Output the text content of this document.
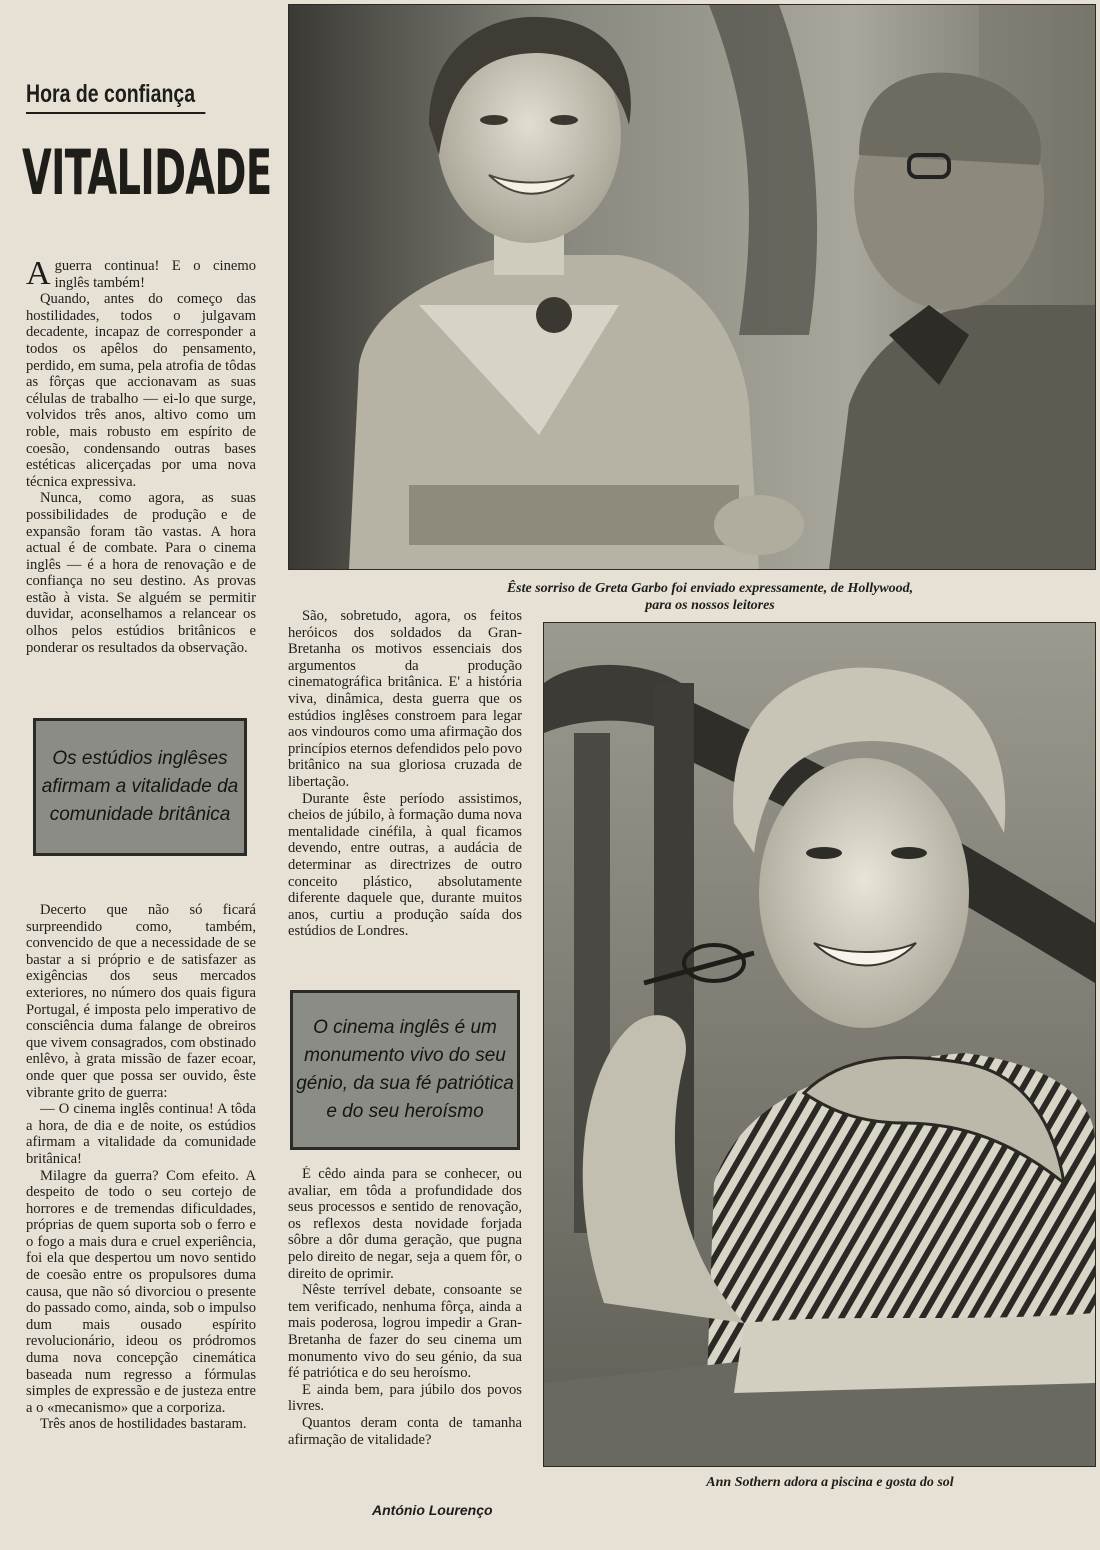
Hora de confiança
VITALIDADE

Aguerra continua! E o cinemo inglês também!

Quando, antes do começo das hostilidades, todos o julgavam decadente, incapaz de corresponder a todos os apêlos do pensamento, perdido, em suma, pela atrofia de tôdas as fôrças que accionavam as suas células de trabalho — ei-lo que surge, volvidos três anos, altivo como um roble, mais robusto em espírito de coesão, condensando outras bases estéticas alicerçadas por uma nova técnica expressiva.

Nunca, como agora, as suas possibilidades de produção e de expansão foram tão vastas. A hora actual é de combate. Para o cinema inglês — é a hora de renovação e de confiança no seu destino. As provas estão à vista. Se alguém se permitir duvidar, aconselhamos a relancear os olhos pelos estúdios britânicos e ponderar os resultados da observação.

Os estúdios inglêses afirmam a vitalidade da comunidade britânica

Decerto que não só ficará surpreendido como, também, convencido de que a necessidade de se bastar a si próprio e de satisfazer as exigências dos seus mercados exteriores, no número dos quais figura Portugal, é imposta pelo imperativo de consciência duma falange de obreiros que vivem consagrados, com obstinado enlêvo, à grata missão de fazer ecoar, onde quer que possa ser ouvido, êste vibrante grito de guerra:

— O cinema inglês continua! A tôda a hora, de dia e de noite, os estúdios afirmam a vitalidade da comunidade britânica!

Milagre da guerra? Com efeito. A despeito de todo o seu cortejo de horrores e de tremendas dificuldades, próprias de quem suporta sob o ferro e o fogo a mais dura e cruel experiência, foi ela que despertou um novo sentido de coesão entre os propulsores duma causa, que não só divorciou o presente do passado como, ainda, sob o impulso dum mais ousado espírito revolucionário, ideou os pródromos duma nova concepção cinemática baseada num regresso a fórmulas simples de expressão e de justeza entre a o «mecanismo» que a corporiza.

Três anos de hostilidades bastaram.

Êste sorriso de Greta Garbo foi enviado expressamente, de Hollywood,
para os nossos leitores

São, sobretudo, agora, os feitos heróicos dos soldados da Gran-Bretanha os motivos essenciais dos argumentos da produção cinematográfica britânica. E' a história viva, dinâmica, desta guerra que os estúdios inglêses constroem para legar aos vindouros como uma afirmação dos princípios eternos defendidos pelo povo britânico na sua gloriosa cruzada de libertação.

Durante êste período assistimos, cheios de júbilo, à formação duma nova mentalidade cinéfila, à qual ficamos devendo, entre outras, a audácia de determinar as directrizes de outro conceito plástico, absolutamente diferente daquele que, durante muitos anos, curtiu a produção saída dos estúdios de Londres.

O cinema inglês é um monumento vivo do seu génio, da sua fé patriótica e do seu heroísmo

É cêdo ainda para se conhecer, ou avaliar, em tôda a profundidade dos seus processos e sentido de renovação, os reflexos desta novidade forjada sôbre a dôr duma geração, que pugna pelo direito de negar, seja a quem fôr, o direito de oprimir.

Nêste terrível debate, consoante se tem verificado, nenhuma fôrça, ainda a mais poderosa, logrou impedir a Gran-Bretanha de fazer do seu cinema um monumento vivo do seu génio, da sua fé patriótica e do seu heroísmo.

E ainda bem, para júbilo dos povos livres.

Quantos deram conta de tamanha afirmação de vitalidade?

António Lourenço
Ann Sothern adora a piscina e gosta do sol
